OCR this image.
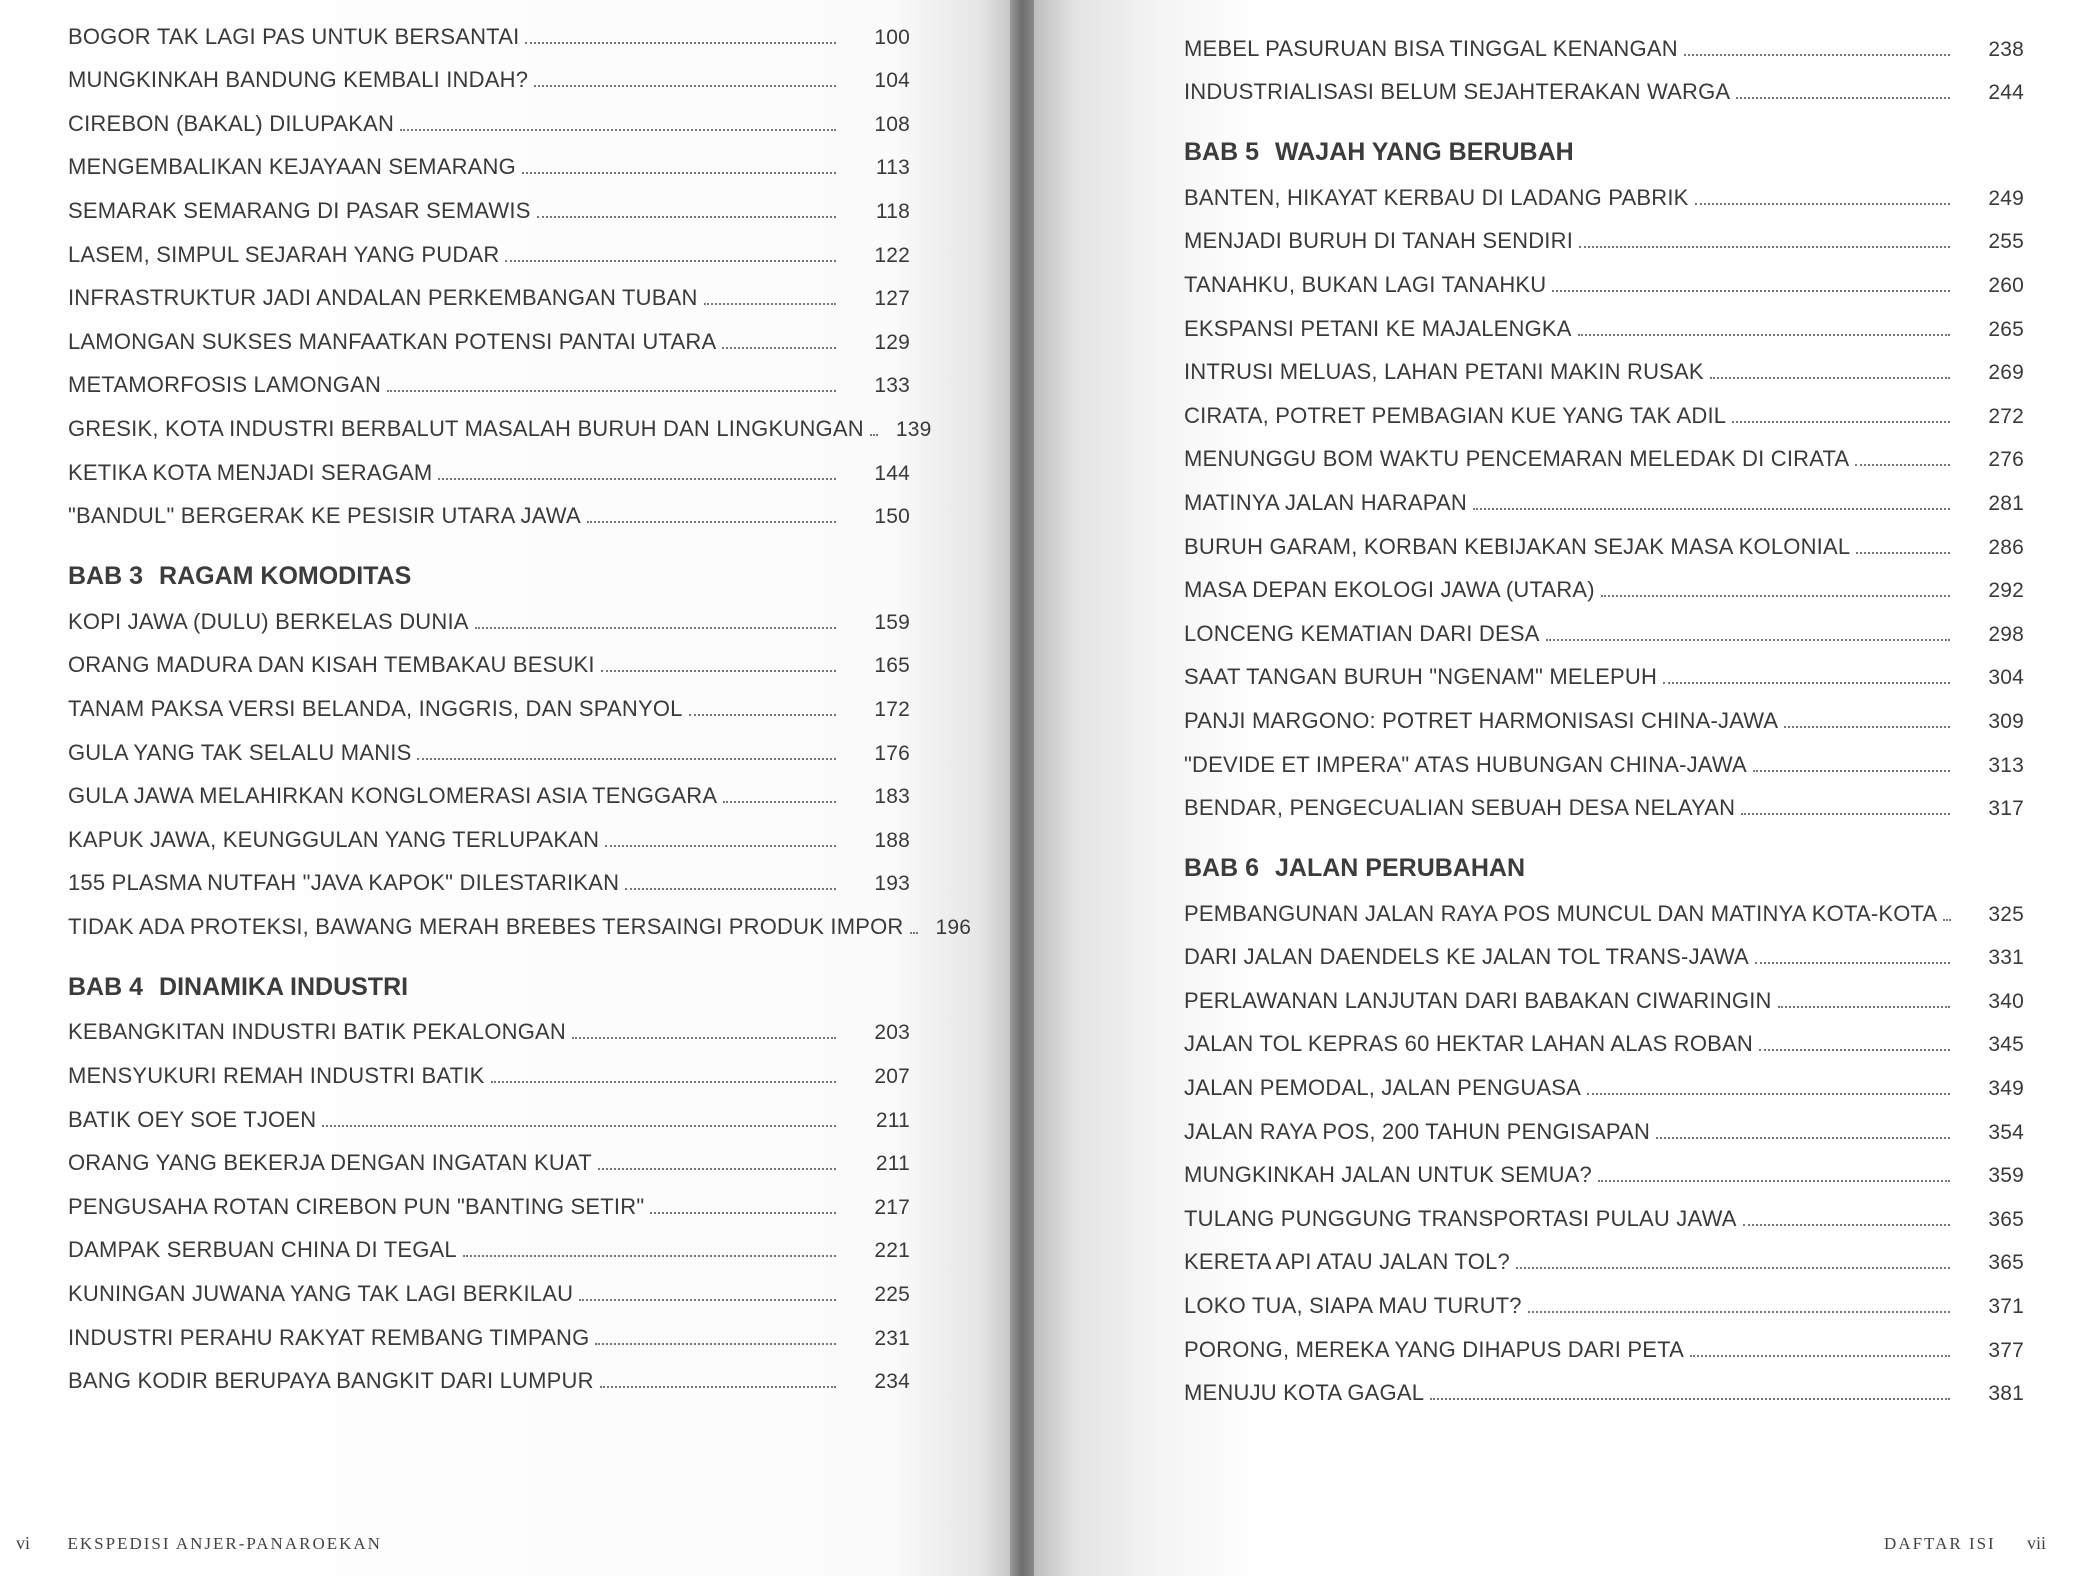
BOGOR TAK LAGI PAS UNTUK BERSANTAI	100
MUNGKINKAH BANDUNG KEMBALI INDAH?	104
CIREBON (BAKAL) DILUPAKAN	108
MENGEMBALIKAN KEJAYAAN SEMARANG	113
SEMARAK SEMARANG DI PASAR SEMAWIS	118
LASEM, SIMPUL SEJARAH YANG PUDAR	122
INFRASTRUKTUR JADI ANDALAN PERKEMBANGAN TUBAN	127
LAMONGAN SUKSES MANFAATKAN POTENSI PANTAI UTARA	129
METAMORFOSIS LAMONGAN	133
GRESIK, KOTA INDUSTRI BERBALUT MASALAH BURUH DAN LINGKUNGAN 139
KETIKA KOTA MENJADI SERAGAM	144
"BANDUL" BERGERAK KE PESISIR UTARA JAWA	150
BAB 3 RAGAM KOMODITAS
KOPI JAWA (DULU) BERKELAS DUNIA	159
ORANG MADURA DAN KISAH TEMBAKAU BESUKI	165
TANAM PAKSA VERSI BELANDA, INGGRIS, DAN SPANYOL	172
GULA YANG TAK SELALU MANIS	176
GULA JAWA MELAHIRKAN KONGLOMERASI ASIA TENGGARA	183
KAPUK JAWA, KEUNGGULAN YANG TERLUPAKAN	188
155 PLASMA NUTFAH "JAVA KAPOK" DILESTARIKAN	193
TIDAK ADA PROTEKSI, BAWANG MERAH BREBES TERSAINGI PRODUK IMPOR 196
BAB 4 DINAMIKA INDUSTRI
KEBANGKITAN INDUSTRI BATIK PEKALONGAN	203
MENSYUKURI REMAH INDUSTRI BATIK	207
BATIK OEY SOE TJOEN	211
ORANG YANG BEKERJA DENGAN INGATAN KUAT	211
PENGUSAHA ROTAN CIREBON PUN "BANTING SETIR"	217
DAMPAK SERBUAN CHINA DI TEGAL	221
KUNINGAN JUWANA YANG TAK LAGI BERKILAU	225
INDUSTRI PERAHU RAKYAT REMBANG TIMPANG	231
BANG KODIR BERUPAYA BANGKIT DARI LUMPUR	234
vi EKSPEDISI ANJER-PANAROEKAN
MEBEL PASURUAN BISA TINGGAL KENANGAN	238
INDUSTRIALISASI BELUM SEJAHTERAKAN WARGA	244
BAB 5 WAJAH YANG BERUBAH
BANTEN, HIKAYAT KERBAU DI LADANG PABRIK	249
MENJADI BURUH DI TANAH SENDIRI	255
TANAHKU, BUKAN LAGI TANAHKU	260
EKSPANSI PETANI KE MAJALENGKA	265
INTRUSI MELUAS, LAHAN PETANI MAKIN RUSAK	269
CIRATA, POTRET PEMBAGIAN KUE YANG TAK ADIL	272
MENUNGGU BOM WAKTU PENCEMARAN MELEDAK DI CIRATA	276
MATINYA JALAN HARAPAN	281
BURUH GARAM, KORBAN KEBIJAKAN SEJAK MASA KOLONIAL	286
MASA DEPAN EKOLOGI JAWA (UTARA)	292
LONCENG KEMATIAN DARI DESA	298
SAAT TANGAN BURUH "NGENAM" MELEPUH	304
PANJI MARGONO: POTRET HARMONISASI CHINA-JAWA	309
"DEVIDE ET IMPERA" ATAS HUBUNGAN CHINA-JAWA	313
BENDAR, PENGECUALIAN SEBUAH DESA NELAYAN	317
BAB 6 JALAN PERUBAHAN
PEMBANGUNAN JALAN RAYA POS MUNCUL DAN MATINYA KOTA-KOTA	325
DARI JALAN DAENDELS KE JALAN TOL TRANS-JAWA	331
PERLAWANAN LANJUTAN DARI BABAKAN CIWARINGIN	340
JALAN TOL KEPRAS 60 HEKTAR LAHAN ALAS ROBAN	345
JALAN PEMODAL, JALAN PENGUASA	349
JALAN RAYA POS, 200 TAHUN PENGISAPAN	354
MUNGKINKAH JALAN UNTUK SEMUA?	359
TULANG PUNGGUNG TRANSPORTASI PULAU JAWA	365
KERETA API ATAU JALAN TOL?	365
LOKO TUA, SIAPA MAU TURUT?	371
PORONG, MEREKA YANG DIHAPUS DARI PETA	377
MENUJU KOTA GAGAL	381
DAFTAR ISI vii
